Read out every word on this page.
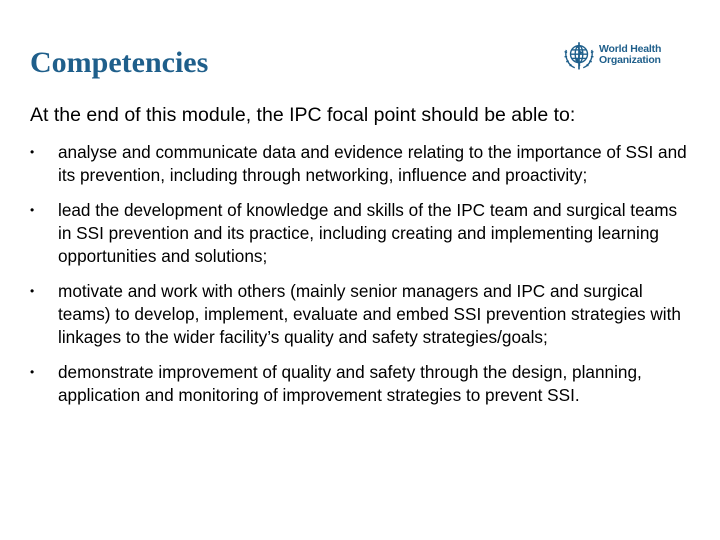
Competencies	World Health
Organization
At the end of this module, the IPC focal point should be able to:
• analyse and communicate data and evidence relating to the importance of SSI and its prevention, including through networking, influence and proactivity;
• lead the development of knowledge and skills of the IPC team and surgical teams in SSI prevention and its practice, including creating and implementing learning opportunities and solutions;
• motivate and work with others (mainly senior managers and IPC and surgical teams) to develop, implement, evaluate and embed SSI prevention strategies with linkages to the wider facility’s quality and safety strategies/goals;
• demonstrate improvement of quality and safety through the design, planning, application and monitoring of improvement strategies to prevent SSI.
